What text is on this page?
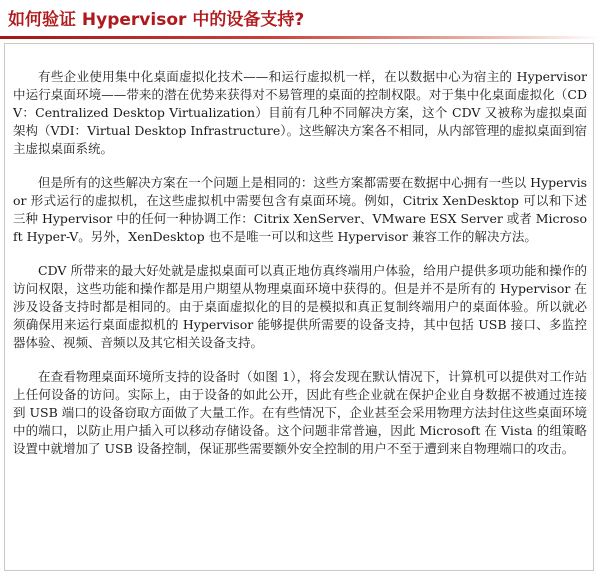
如何验证 Hypervisor 中的设备支持?

有些企业使用集中化桌面虚拟化技术——和运行虚拟机一样，在以数据中心为宿主的 Hypervisor 中运行桌面环境——带来的潜在优势来获得对不易管理的桌面的控制权限。对于集中化桌面虚拟化（CDV：Centralized Desktop Virtualization）目前有几种不同解决方案，这个 CDV 又被称为虚拟桌面架构（VDI：Virtual Desktop Infrastructure）。这些解决方案各不相同，从内部管理的虚拟桌面到宿主虚拟桌面系统。

但是所有的这些解决方案在一个问题上是相同的：这些方案都需要在数据中心拥有一些以 Hypervisor 形式运行的虚拟机，在这些虚拟机中需要包含有桌面环境。例如，Citrix XenDesktop 可以和下述三种 Hypervisor 中的任何一种协调工作：Citrix XenServer、VMware ESX Server 或者 Microsoft Hyper-V。另外，XenDesktop 也不是唯一可以和这些 Hypervisor 兼容工作的解决方法。

CDV 所带来的最大好处就是虚拟桌面可以真正地仿真终端用户体验，给用户提供多项功能和操作的访问权限，这些功能和操作都是用户期望从物理桌面环境中获得的。但是并不是所有的 Hypervisor 在涉及设备支持时都是相同的。由于桌面虚拟化的目的是模拟和真正复制终端用户的桌面体验。所以就必须确保用来运行桌面虚拟机的 Hypervisor 能够提供所需要的设备支持，其中包括 USB 接口、多监控器体验、视频、音频以及其它相关设备支持。

在查看物理桌面环境所支持的设备时（如图 1），将会发现在默认情况下，计算机可以提供对工作站上任何设备的访问。实际上，由于设备的如此公开，因此有些企业就在保护企业自身数据不被通过连接到 USB 端口的设备窃取方面做了大量工作。在有些情况下，企业甚至会采用物理方法封住这些桌面环境中的端口，以防止用户插入可以移动存储设备。这个问题非常普遍，因此 Microsoft 在 Vista 的组策略设置中就增加了 USB 设备控制，保证那些需要额外安全控制的用户不至于遭到来自物理端口的攻击。
